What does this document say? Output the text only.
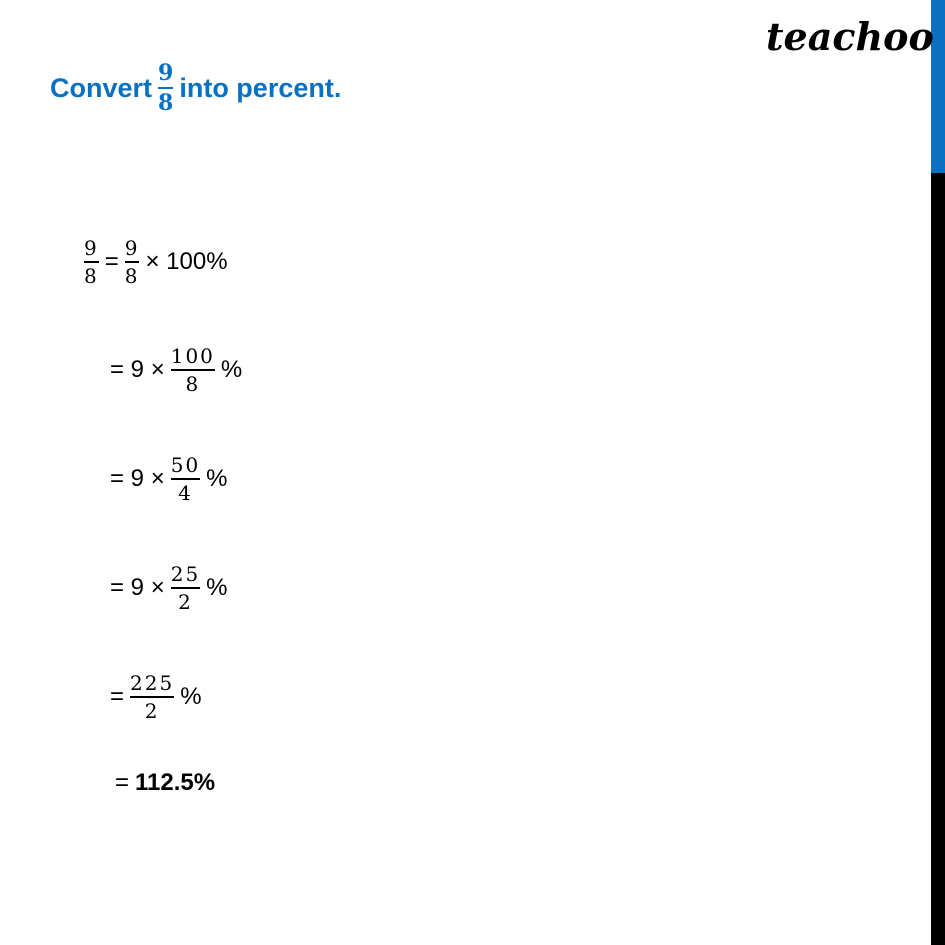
teachoo
Convert $\frac{9}{8}$ into percent.
$\frac{9}{8} = \frac{9}{8} \times 100\%$
= $9 \times \frac{100}{8}$ %
= $9 \times \frac{50}{4}$ %
= $9 \times \frac{25}{2}$ %
= $\frac{225}{2}$ %
= 112.5%
